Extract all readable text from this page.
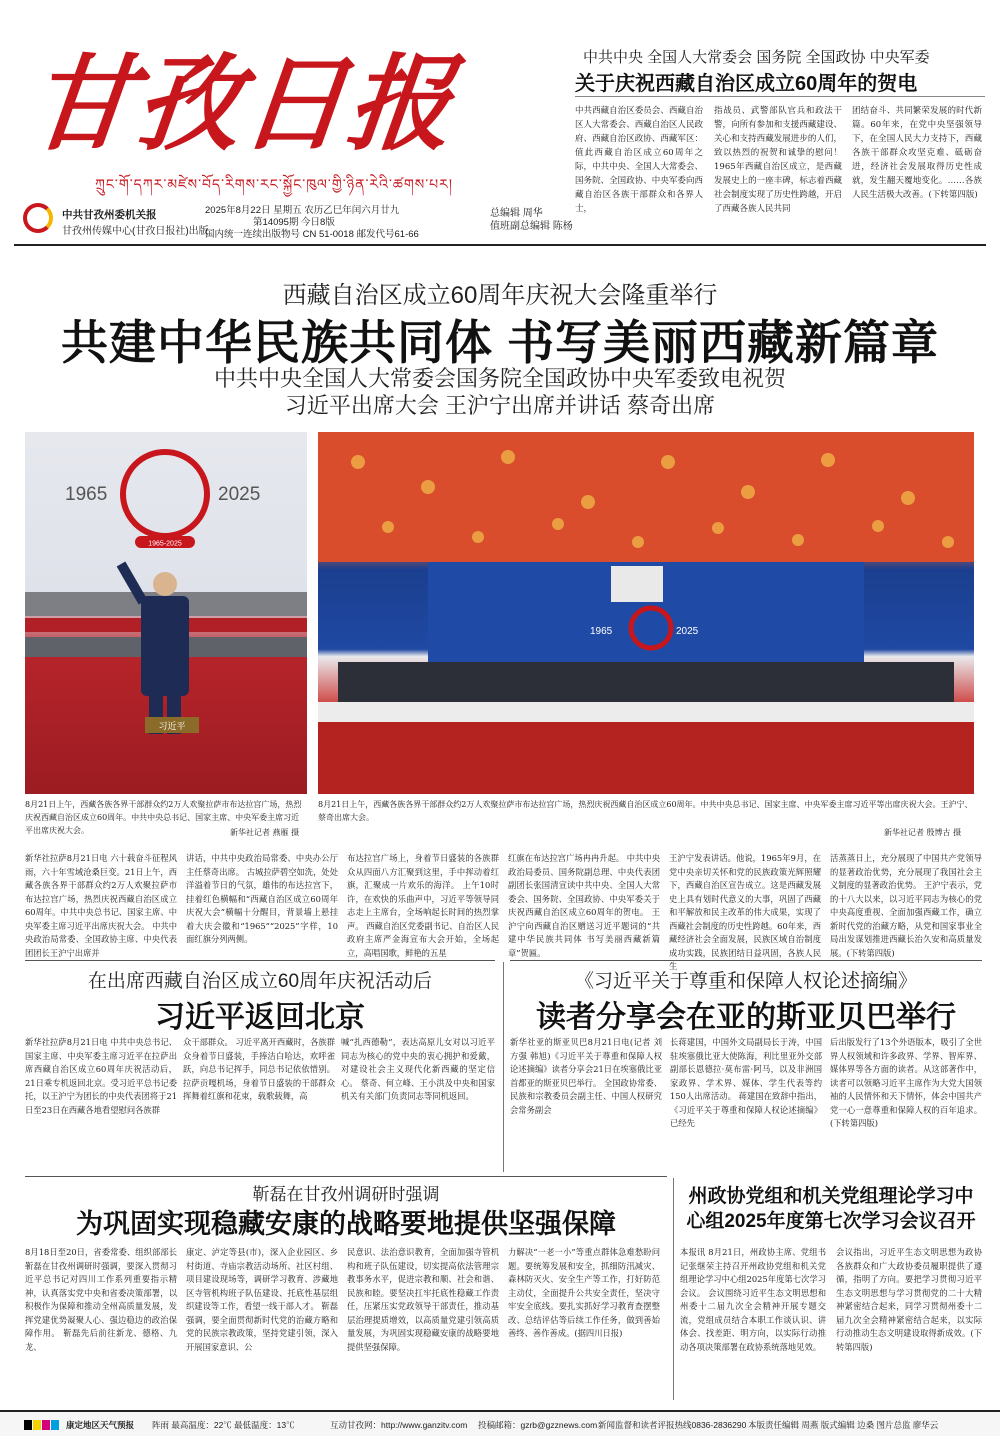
甘孜日报
ཀྲུང་གོ་དཀར་མཛེས་བོད་རིགས་རང་སྐྱོང་ཁུལ་གྱི་ཉིན་རེའི་ཚགས་པར།
中共甘孜州委机关报
甘孜州传媒中心(甘孜日报社)出版
2025年8月22日 星期五 农历乙巳年闰六月廿九
第14095期 今日8版
国内统一连续出版物号 CN 51-0018 邮发代号61-66
总编辑 周华
值班副总编辑 陈杨
中共中央 全国人大常委会 国务院 全国政协 中央军委
关于庆祝西藏自治区成立60周年的贺电
中共西藏自治区委员会、西藏自治区人大常委会、西藏自治区人民政府、西藏自治区政协、西藏军区： 值此西藏自治区成立60周年之际，中共中央、全国人大常委会、国务院、全国政协、中央军委向西藏自治区各族干部群众和各界人士，
指战员、武警部队官兵和政法干警，向所有参加和支援西藏建设、关心和支持西藏发展进步的人们，致以热烈的祝贺和诚挚的慰问！ 1965年西藏自治区成立，是西藏发展史上的一座丰碑，标志着西藏社会制度实现了历史性跨越，开启了西藏各族人民共同
团结奋斗、共同繁荣发展的时代新篇。60年来，在党中央坚强领导下，在全国人民大力支持下，西藏各族干部群众攻坚克难、砥砺奋进，经济社会发展取得历史性成就，发生翻天覆地变化。……各族人民生活极大改善。(下转第四版)
西藏自治区成立60周年庆祝大会隆重举行
共建中华民族共同体 书写美丽西藏新篇章
中共中央全国人大常委会国务院全国政协中央军委致电祝贺
习近平出席大会 王沪宁出席并讲话 蔡奇出席
1965	2025
1965-2025
习近平
1965	2025
8月21日上午，西藏各族各界干部群众约2万人欢聚拉萨市布达拉宫广场，热烈庆祝西藏自治区成立60周年。中共中央总书记、国家主席、中央军委主席习近平出席庆祝大会。	新华社记者 燕雁 摄
8月21日上午，西藏各族各界干部群众约2万人欢聚拉萨市布达拉宫广场，热烈庆祝西藏自治区成立60周年。中共中央总书记、国家主席、中央军委主席习近平等出席庆祝大会。王沪宁、蔡奇出席大会。
新华社记者 殷博古 摄
新华社拉萨8月21日电 六十载奋斗征程风雨，六十年雪域沧桑巨变。21日上午，西藏各族各界干部群众约2万人欢聚拉萨市布达拉宫广场，热烈庆祝西藏自治区成立60周年。中共中央总书记、国家主席、中央军委主席习近平出席庆祝大会。 中共中央政治局常委、全国政协主席、中央代表团团长王沪宁出席并
讲话，中共中央政治局常委、中央办公厅主任蔡奇出席。 古城拉萨碧空如洗，处处洋溢着节日的气氛，雄伟的布达拉宫下，挂着红色横幅和“西藏自治区成立60周年庆祝大会”横幅十分醒目，背景墙上悬挂着大庆会徽和“1965”“2025”字样，10面红旗分列两侧。
布达拉宫广场上，身着节日盛装的各族群众从四面八方汇聚到这里，手中挥动着红旗，汇聚成一片欢乐的海洋。 上午10时许，在欢快的乐曲声中，习近平等领导同志走上主席台，全场响起长时间的热烈掌声。 西藏自治区党委副书记、自治区人民政府主席严金海宣布大会开始，全场起立，高唱国歌，鲜艳的五星
红旗在布达拉宫广场冉冉升起。 中共中央政治局委员、国务院副总理、中央代表团副团长张国清宣读中共中央、全国人大常委会、国务院、全国政协、中央军委关于庆祝西藏自治区成立60周年的贺电。 王沪宁向西藏自治区赠送习近平题词的“共建中华民族共同体 书写美丽西藏新篇章”贺匾。
王沪宁发表讲话。他说，1965年9月，在党中央亲切关怀和党的民族政策光辉照耀下，西藏自治区宣告成立。这是西藏发展史上具有划时代意义的大事，巩固了西藏和平解放和民主改革的伟大成果，实现了西藏社会制度的历史性跨越。60年来，西藏经济社会全面发展，民族区域自治制度成功实践，民族团结日益巩固，各族人民生
活蒸蒸日上，充分展现了中国共产党领导的显著政治优势，充分展现了我国社会主义制度的显著政治优势。 王沪宁表示，党的十八大以来，以习近平同志为核心的党中央高度重视、全面加强西藏工作，确立新时代党的治藏方略，从党和国家事业全局出发谋划推进西藏长治久安和高质量发展。(下转第四版)
在出席西藏自治区成立60周年庆祝活动后
习近平返回北京
新华社拉萨8月21日电 中共中央总书记、国家主席、中央军委主席习近平在拉萨出席西藏自治区成立60周年庆祝活动后，21日乘专机返回北京。受习近平总书记委托，以王沪宁为团长的中央代表团将于21日至23日在西藏各地看望慰问各族群
众干部群众。 习近平离开西藏时，各族群众身着节日盛装，手捧洁白哈达，欢呼雀跃，向总书记挥手，同总书记依依惜别。拉萨贡嘎机场，身着节日盛装的干部群众挥舞着红旗和花束，载歌载舞，高
喊“扎西德勒”，表达高原儿女对以习近平同志为核心的党中央的衷心拥护和爱戴，对建设社会主义现代化新西藏的坚定信心。 蔡奇、何立峰、王小洪及中央和国家机关有关部门负责同志等同机返回。
《习近平关于尊重和保障人权论述摘编》
读者分享会在亚的斯亚贝巴举行
新华社亚的斯亚贝巴8月21日电(记者 刘方强 韩旭)《习近平关于尊重和保障人权论述摘编》读者分享会21日在埃塞俄比亚首都亚的斯亚贝巴举行。 全国政协常委、民族和宗教委员会副主任、中国人权研究会常务副会
长蒋建国，中国外文局副局长于涛，中国驻埃塞俄比亚大使陈海，利比里亚外交部副部长恩德拉·莫布雷·阿马，以及非洲国家政界、学术界、媒体、学生代表等约150人出席活动。 蒋建国在致辞中指出，《习近平关于尊重和保障人权论述摘编》已经先
后出版发行了13个外语版本，吸引了全世界人权领域和许多政界、学界、智库界、媒体界等各方面的读者。从这部著作中，读者可以领略习近平主席作为大党大国领袖的人民情怀和天下情怀，体会中国共产党一心一意尊重和保障人权的百年追求。(下转第四版)
靳磊在甘孜州调研时强调
为巩固实现稳藏安康的战略要地提供坚强保障
8月18日至20日，省委常委、组织部部长靳磊在甘孜州调研时强调，要深入贯彻习近平总书记对四川工作系列重要指示精神，认真落实党中央和省委决策部署，以积极作为保障和推动全州高质量发展，发挥党建优势凝聚人心、强边稳边的政治保障作用。 靳磊先后前往新龙、德格、九龙、
康定、泸定等县(市)，深入企业园区、乡村街道、寺庙宗教活动场所、社区村组、项目建设现场等，调研学习教育、涉藏地区寺管机构班子队伍建设、托底性基层组织建设等工作，看望一线干部人才。 靳磊强调，要全面贯彻新时代党的治藏方略和党的民族宗教政策，坚持党建引领，深入开展国家意识、公
民意识、法治意识教育，全面加强寺管机构和班子队伍建设，切实提高依法管理宗教事务水平，促进宗教和顺、社会和谐、民族和睦。要坚决扛牢托底性稳藏工作责任，压紧压实党政领导干部责任，推动基层治理提质增效，以高质量党建引领高质量发展，为巩固实现稳藏安康的战略要地提供坚强保障。
力解决“一老一小”等重点群体急难愁盼问题。要统筹发展和安全，抓细防汛减灾、森林防灭火、安全生产等工作，打好防范主动仗，全面提升公共安全责任，坚决守牢安全底线。要扎实抓好学习教育查摆整改、总结评估等后续工作任务，做到善始善终、善作善成。(据四川日报)
州政协党组和机关党组理论学习中
心组2025年度第七次学习会议召开
本报讯 8月21日，州政协主席、党组书记张继荣主持召开州政协党组和机关党组理论学习中心组2025年度第七次学习会议。 会议围绕习近平生态文明思想和州委十二届九次全会精神开展专题交流，党组成员结合本职工作谈认识、讲体会、找差距、明方向，以实际行动推动各项决策部署在政协系统落地见效。
会议指出，习近平生态文明思想为政协各族群众和广大政协委员履职提供了遵循，指明了方向。要把学习贯彻习近平生态文明思想与学习贯彻党的二十大精神紧密结合起来，同学习贯彻州委十二届九次全会精神紧密结合起来，以实际行动推动生态文明建设取得新成效。(下转第四版)
康定地区天气预报 阵雨 最高温度：22℃ 最低温度：13℃	互动甘孜网：http://www.ganzitv.com 投稿邮箱：gzrb@gzznews.com 新闻监督和读者评报热线0836-2836290 本版责任编辑 周燕 版式编辑 边桑 图片总监 廖华云
